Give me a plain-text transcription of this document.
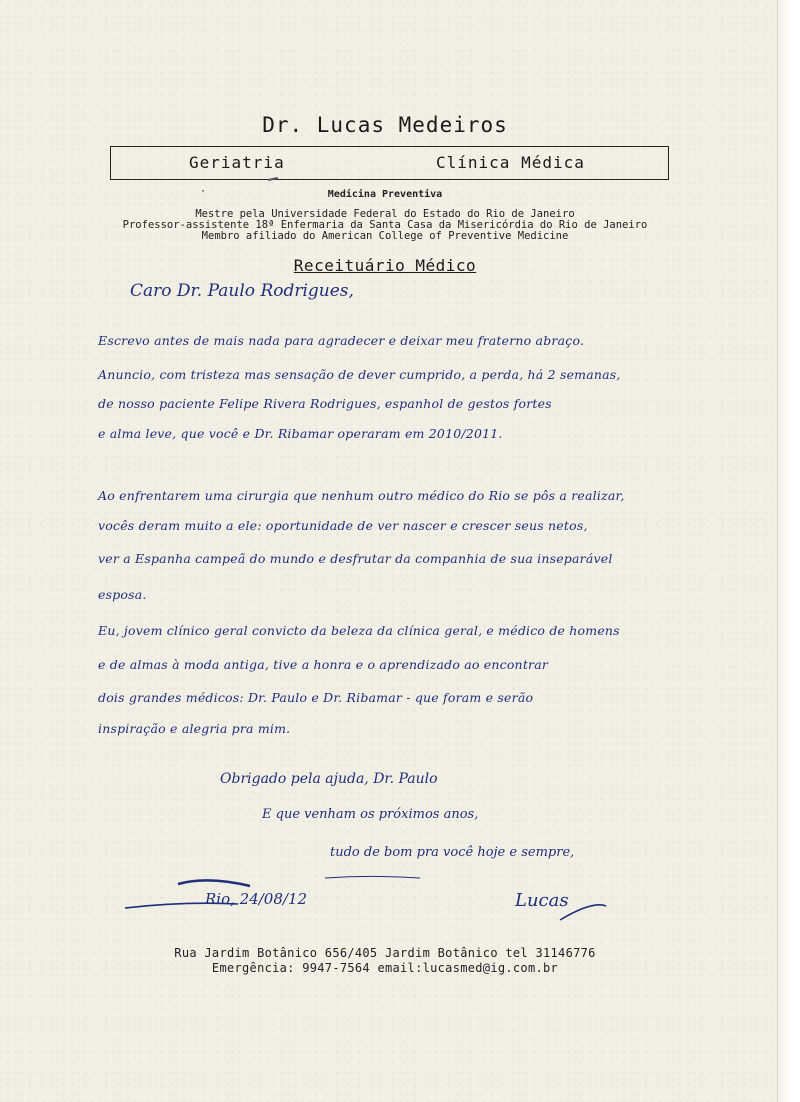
Dr. Lucas Medeiros
Geriatria	Clínica Médica
·	Medicina Preventiva
Mestre pela Universidade Federal do Estado do Rio de Janeiro
Professor-assistente 18ª Enfermaria da Santa Casa da Misericórdia do Rio de Janeiro
Membro afiliado do American College of Preventive Medicine
Receituário Médico
Caro Dr. Paulo Rodrigues,
Escrevo antes de mais nada para agradecer e deixar meu fraterno abraço.
Anuncio, com tristeza mas sensação de dever cumprido, a perda, há 2 semanas,
de nosso paciente Felipe Rivera Rodrigues, espanhol de gestos fortes
e alma leve, que você e Dr. Ribamar operaram em 2010/2011.
Ao enfrentarem uma cirurgia que nenhum outro médico do Rio se pôs a realizar,
vocês deram muito a ele: oportunidade de ver nascer e crescer seus netos,
ver a Espanha campeã do mundo e desfrutar da companhia de sua inseparável
esposa.
Eu, jovem clínico geral convicto da beleza da clínica geral, e médico de homens
e de almas à moda antiga, tive a honra e o aprendizado ao encontrar
dois grandes médicos: Dr. Paulo e Dr. Ribamar - que foram e serão
inspiração e alegria pra mim.
Obrigado pela ajuda, Dr. Paulo
E que venham os próximos anos,
tudo de bom pra você hoje e sempre,
Rio, 24/08/12	Lucas
Rua Jardim Botânico 656/405 Jardim Botânico tel 31146776
Emergência: 9947-7564 email:lucasmed@ig.com.br
